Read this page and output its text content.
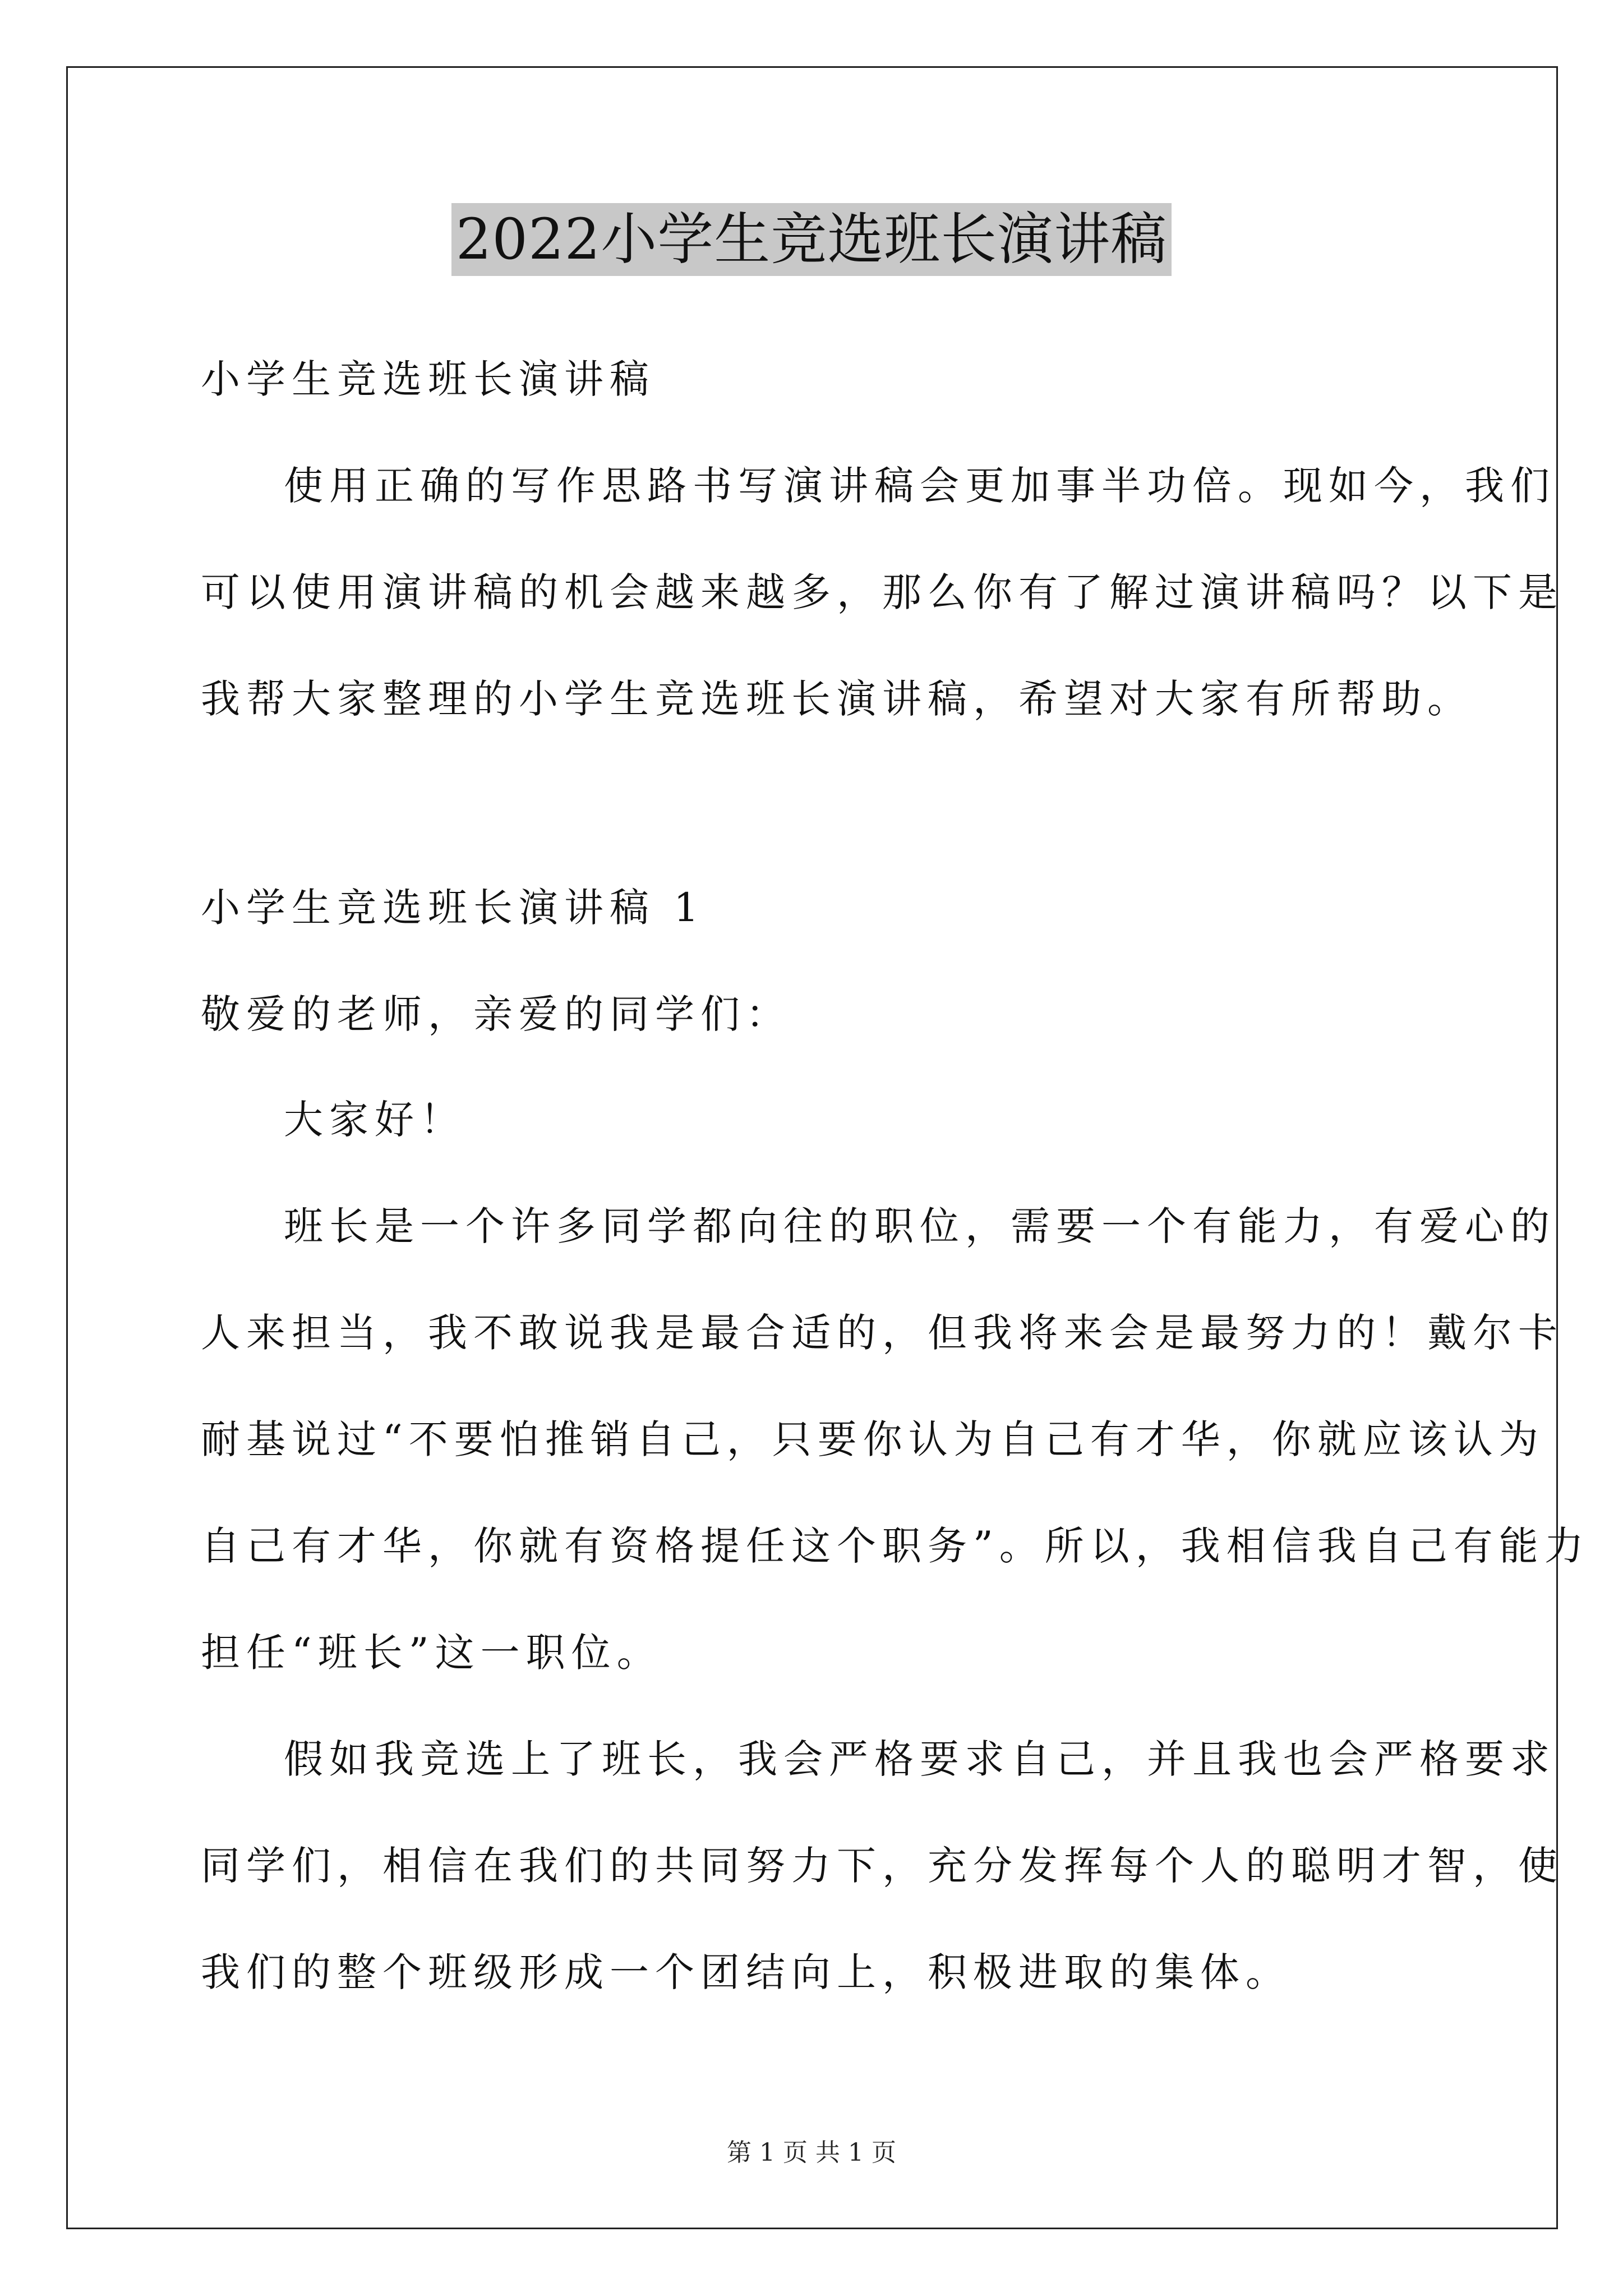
2022小学生竞选班长演讲稿
小学生竞选班长演讲稿
使用正确的写作思路书写演讲稿会更加事半功倍。现如今，我们
可以使用演讲稿的机会越来越多，那么你有了解过演讲稿吗？以下是
我帮大家整理的小学生竞选班长演讲稿，希望对大家有所帮助。
小学生竞选班长演讲稿 1
敬爱的老师，亲爱的同学们：
大家好！
班长是一个许多同学都向往的职位，需要一个有能力，有爱心的
人来担当，我不敢说我是最合适的，但我将来会是最努力的！戴尔卡
耐基说过“不要怕推销自己，只要你认为自己有才华，你就应该认为
自己有才华，你就有资格提任这个职务”。所以，我相信我自己有能力
担任“班长”这一职位。
假如我竞选上了班长，我会严格要求自己，并且我也会严格要求
同学们，相信在我们的共同努力下，充分发挥每个人的聪明才智，使
我们的整个班级形成一个团结向上，积极进取的集体。
第 1 页 共 1 页
